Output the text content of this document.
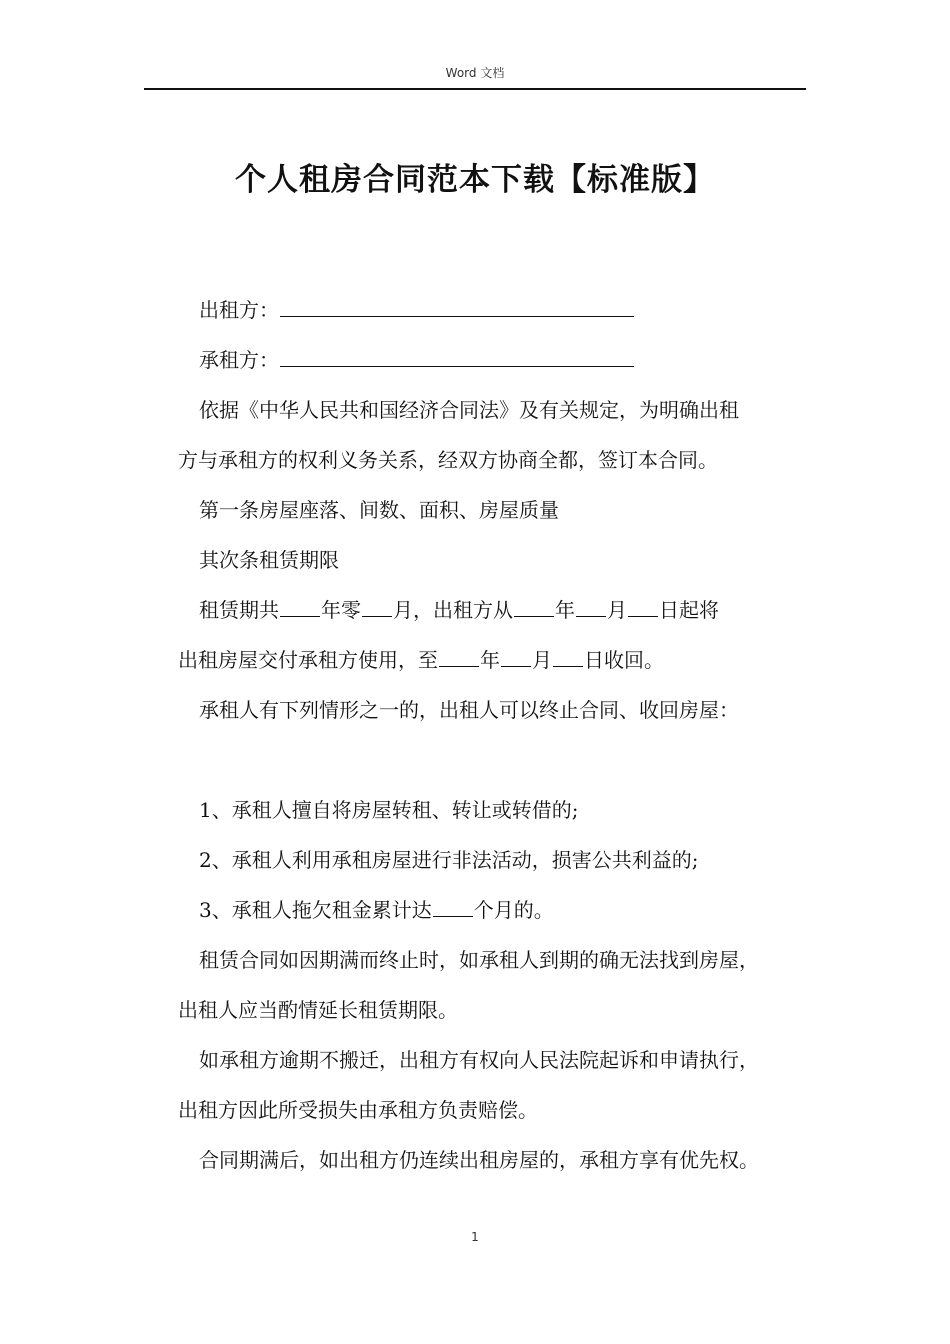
Word 文档
个人租房合同范本下载【标准版】
出租方：
承租方：
依据《中华人民共和国经济合同法》及有关规定，为明确出租
方与承租方的权利义务关系，经双方协商全都，签订本合同。
第一条房屋座落、间数、面积、房屋质量
其次条租赁期限
租赁期共 年零 月，出租方从 年 月 日起将
出租房屋交付承租方使用，至 年 月 日收回。
承租人有下列情形之一的，出租人可以终止合同、收回房屋：
1、承租人擅自将房屋转租、转让或转借的;
2、承租人利用承租房屋进行非法活动，损害公共利益的;
3、承租人拖欠租金累计达 个月的。
租赁合同如因期满而终止时，如承租人到期的确无法找到房屋，
出租人应当酌情延长租赁期限。
如承租方逾期不搬迁，出租方有权向人民法院起诉和申请执行，
出租方因此所受损失由承租方负责赔偿。
合同期满后，如出租方仍连续出租房屋的，承租方享有优先权。
1
